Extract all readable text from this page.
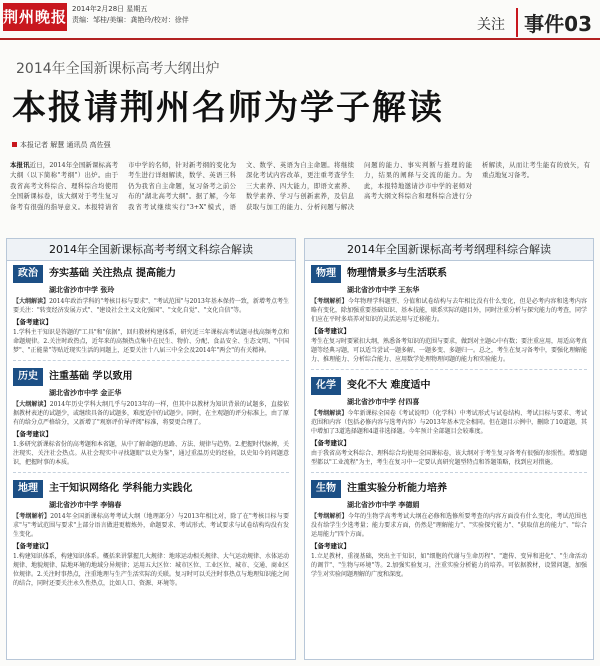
荆州晚报 2014年2月28日 星期五
责编：邹桂/美编：龚艳玲/校对：徐伴	关注 事件03
2014年全国新课标高考大纲出炉
本报请荆州名师为学子解读
本报记者 解慧 通讯员 高佐强
本报讯近日，2014年全国新课标高考大纲（以下简称"考纲"）出炉。由于我省高考文科综合、理科综合均使用全国新课标卷，该大纲对于考生复习备考有很强的指导意义。本报特请省市中学的名师，针对新考纲的变化为考生进行详细解读，数学、英语三科仍为我省自主命题，复习备考之前公布的"湖北高考大纲"。据了解，今年我省考试继续实行"3+X"模式，语文、数学、英语为自主命题。将继续深化考试内容改革，更注重考查学生三大素养、四大能力，即语文素养、数学素养、学习与创新素养，及信息获取与加工的能力、分析问题与解决问题的能力、事实判断与推理的能力，结果的阐释与交流的能力。为此，本报特地邀请沙市中学的老师对高考大纲文科综合和理科综合进行分析解读，从而让考生能有的放矢，有重点地复习备考。
2014年全国新课标高考考纲文科综合解读
政治 夯实基础 关注热点 提高能力
湖北省沙市中学 张玲
【大纲解读】2014年政治学科的"考核目标与要求"、"考试范围"与2013年基本保持一致，新增考点考生要关注："转变经济发展方式"、"建设社会主义文化强国"、"文化自觉"、"文化自信"等。
【备考建议】
1.学科主干知识是答题的"工具"和"依据"，回归教材构建体系，研究近三年课标高考试题寻找高频考点和命题规律。2.关注时政热点，近年来的高频热点集中在民生、物价、分配、食品安全、生态文明、"中国梦"、"正能量"等贴近现实生活的问题上，还要关注十八届三中全会及2014年"两会"的有关精神。
历史 注重基础 学以致用
湖北省沙市中学 金正华
【大纲解读】2014年历史学科大纲几乎与2013年的一样，但其中以教材为知识背景的试题多，直接依据教材表述的试题少，或继续具备的试题多，难度适中的试题少。同时，在主观题的评分标准上，由了原有的给分点严格给分，又新增了"观察评价导评阅"标准，将要更合理了。
【备考建议】
1.多研究新课标省份的高考题和本省题，从中了解命题的思路、方法、规律与趋势。2.把握时代脉搏，关注现实、关注社会热点。从社会现实中寻找题眼"以史为鉴"，通过重温历史的经验，以史知今的问题意识，把握时事的本质。
地理 主干知识网络化 学科能力实践化
湖北省沙市中学 李锦春
【考纲解析】2014年全国新课标高考考试大纲（地理部分）与2013年相比对，除了在"考核目标与要求"与"考试范围与要求"上部分语言做进更精炼外，命题要求、考试形式、考试要求与试卷结构均没有发生变化。
【备考建议】
1.构建知识体系，构建知识体系。概括来讲掌握几大规律：地球运动相关规律、大气运动规律、水体运动规律、地貌规律、陆地环境的地域分异规律；运用五大区位：城市区位、工业区位、城市、交通、商业区位规律。2.关注时事热点，注重地理与生产生活实际的关联。复习时可以关注时事热点与地理知识能之间的结合，同时还要关注永久性热点，比如人口、资源、环境等。
2014年全国新课标高考考纲理科综合解读
物理 物理情景多与生活联系
湖北省沙市中学 王东华
【考纲解析】今年物理学科题型、分值和试卷结构与去年相比没有什么变化，但是必考内容和选考内容略有变化，除加强重要基础知识、基本技能，联系实际的题目外，同时注重分析与探究能力的考查，同学们应在平时多培养对知识的灵活运用与迁移能力。
【备考建议】
考生在复习时要紧扣大纲，熟悉备考知识的范围与要求，做到对主题心中有数；要注重应用，用适高考真题等经典习题，可以适当尝试一题多解、一题多变、多题归一。总之，考生在复习备考中，要强化理解能力、推理能力、分析综合能力、应用数学处理物理问题的能力和实验能力。
化学 变化不大 难度适中
湖北省沙市中学 付四喜
【考纲解读】今年新课标全国卷《考试说明》（化学科）中考试形式与试卷结构、考试目标与要求、考试范围和内容（包括必修内容与选考内容）与2013年基本完全相同。但在题目示例中，删除了10道题，其中增加了3道选择题和4道非选择题。今年预计全部题目会较难度。
【备考建议】
由于我省高考文科综合、理科综合均使用全国课标卷，该大纲对于考生复习备考有很强的参照性。增加题型都以"工业流程"为主，考生在复习中一定要认真研究题型特点和答题策略，找到应对措施。
生物 注重实验分析能力培养
湖北省沙市中学 李德娟
【考纲解析】今年的生物学高考考试大纲在必修和选修所要考查的内容方面没有什么变化，考试范围也没有给学生少选考量；能力要求方面，仍然是"理解能力"、"实验探究能力"、"获取信息的能力"、"综合运用能力"四个方面。
【备考建议】
1.立足教材，重视基础，突出主干知识，如"细胞的代谢与生命历程"、"遗传、变异和进化"、"生命活动的调节"、"生物与环境"等。2.加强实验复习，注重实验分析能力的培养。可依据教材，设置问题，加强学生对实验问题理解的广度和深度。
